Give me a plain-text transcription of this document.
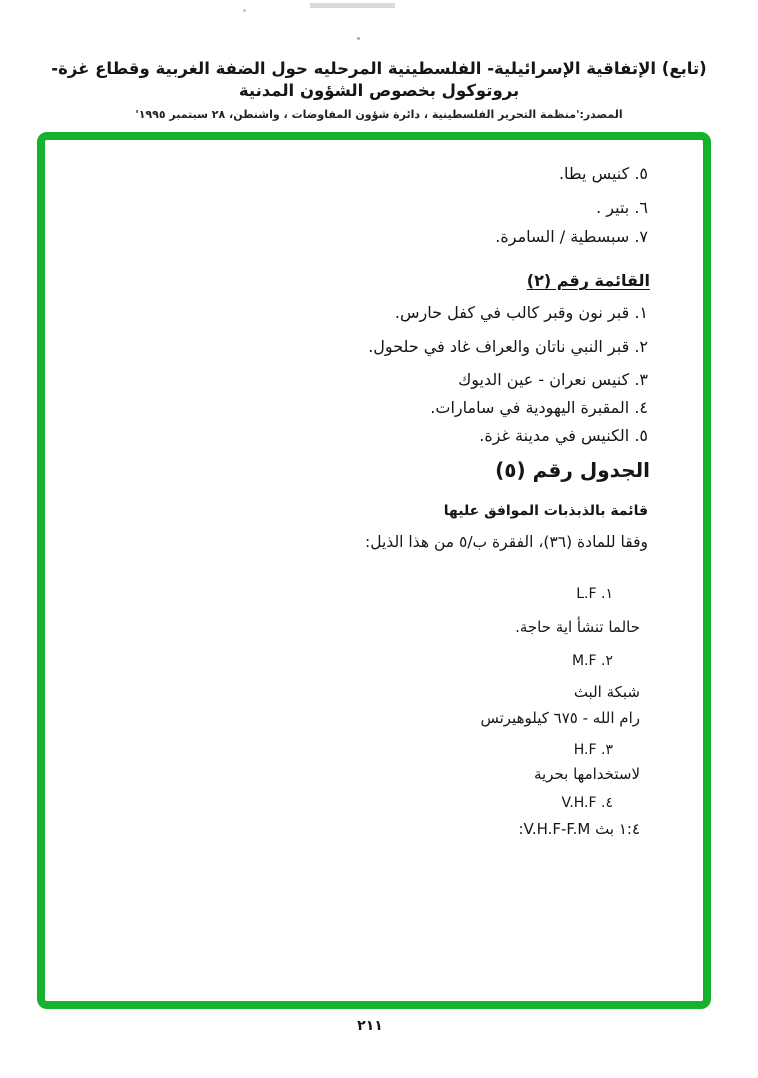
(تابع) الإتفاقية الإسرائيلية- الفلسطينية المرحليه حول الضفة الغربية وقطاع غزة- بروتوكول بخصوص الشؤون المدنية
المصدر:'منظمة التحرير الفلسطينية ، دائرة شؤون المفاوضات ، واشنطن، ٢٨ سبتمبر ١٩٩٥'
٥. كنيس يطا.
٦. بتير .
٧. سبسطية / السامرة.
القائمة رقم (٢)
١. قبر نون وقبر كالب في كفل حارس.
٢. قبر النبي ناتان والعراف غاد في حلحول.
٣. كنيس نعران - عين الديوك
٤. المقبرة اليهودية في سامارات.
٥. الكنيس في مدينة غزة.
الجدول رقم (٥)
قائمة بالذبذبات الموافق عليها
وفقا للمادة (٣٦)، الفقرة ب/٥ من هذا الذيل:
١. L.F
حالما تنشأ اية حاجة.
٢. M.F
شبكة البث
رام الله - ٦٧٥ كيلوهيرتس
٣. H.F
لاستخدامها بحرية
٤. V.H.F
١:٤ بث V.H.F-F.M:
٢١١
